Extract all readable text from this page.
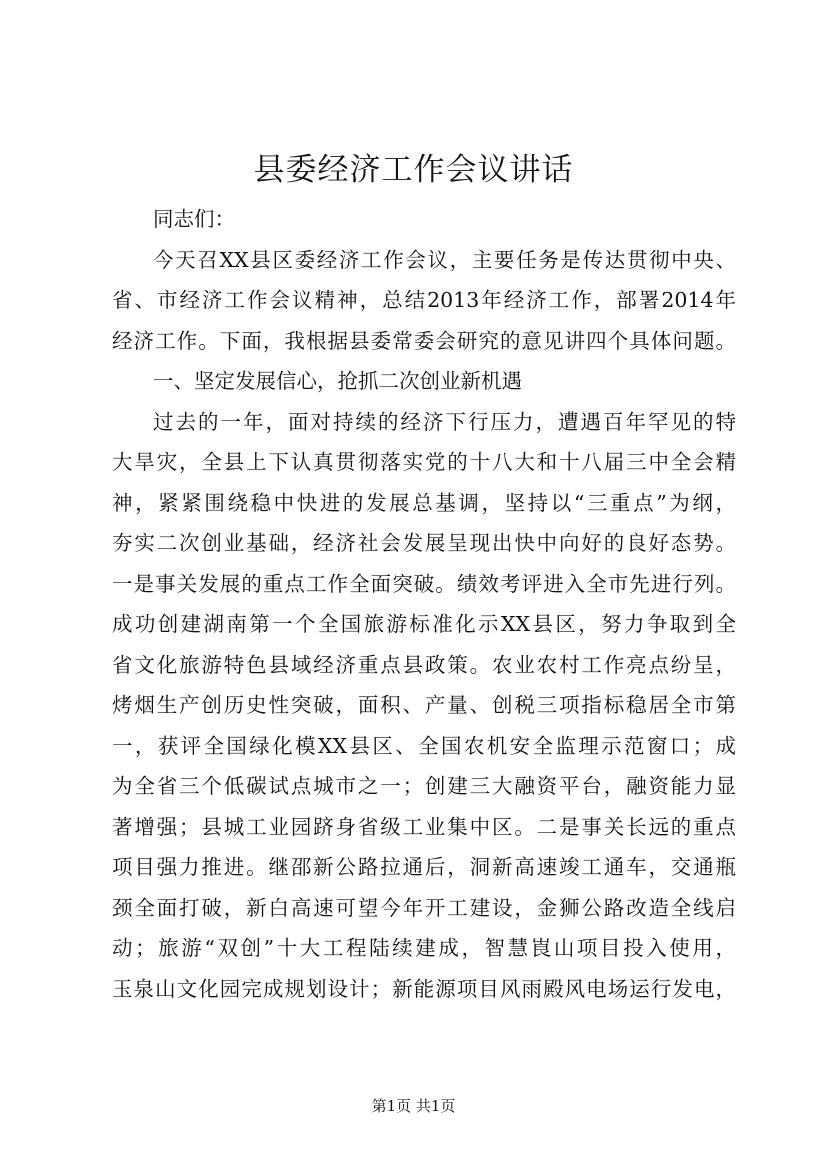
县委经济工作会议讲话
同志们：
今天召XX县区委经济工作会议，主要任务是传达贯彻中央、
省、市经济工作会议精神，总结2013年经济工作，部署2014年
经济工作。下面，我根据县委常委会研究的意见讲四个具体问题。
一、坚定发展信心，抢抓二次创业新机遇
过去的一年，面对持续的经济下行压力，遭遇百年罕见的特
大旱灾，全县上下认真贯彻落实党的十八大和十八届三中全会精
神，紧紧围绕稳中快进的发展总基调，坚持以“三重点”为纲，
夯实二次创业基础，经济社会发展呈现出快中向好的良好态势。
一是事关发展的重点工作全面突破。绩效考评进入全市先进行列。
成功创建湖南第一个全国旅游标准化示XX县区，努力争取到全
省文化旅游特色县域经济重点县政策。农业农村工作亮点纷呈，
烤烟生产创历史性突破，面积、产量、创税三项指标稳居全市第
一，获评全国绿化模XX县区、全国农机安全监理示范窗口；成
为全省三个低碳试点城市之一；创建三大融资平台，融资能力显
著增强；县城工业园跻身省级工业集中区。二是事关长远的重点
项目强力推进。继邵新公路拉通后，洞新高速竣工通车，交通瓶
颈全面打破，新白高速可望今年开工建设，金狮公路改造全线启
动；旅游“双创”十大工程陆续建成，智慧崀山项目投入使用，
玉泉山文化园完成规划设计；新能源项目风雨殿风电场运行发电，
第1页 共1页
